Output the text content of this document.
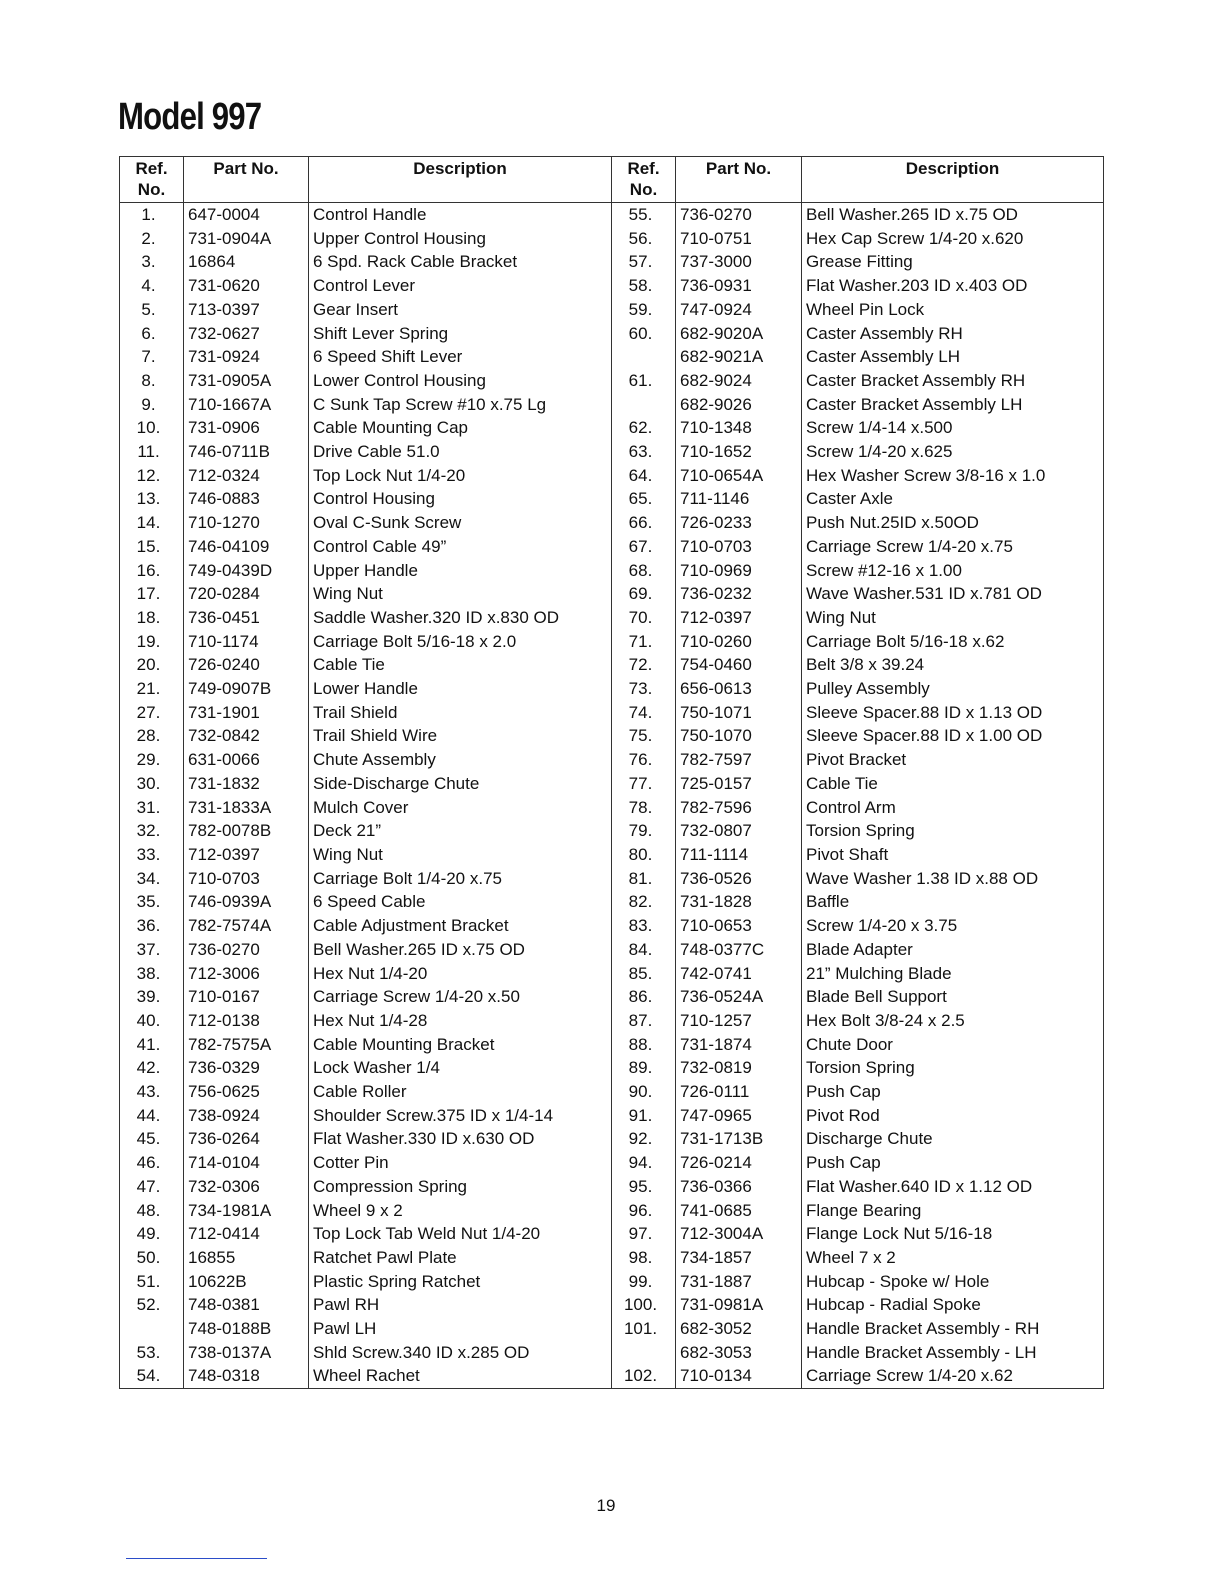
Model 997
Ref. No.	Part No.	Description
1.	647-0004	Control Handle
2.	731-0904A	Upper Control Housing
3.	16864	6 Spd. Rack Cable Bracket
4.	731-0620	Control Lever
5.	713-0397	Gear Insert
6.	732-0627	Shift Lever Spring
7.	731-0924	6 Speed Shift Lever
8.	731-0905A	Lower Control Housing
9.	710-1667A	C Sunk Tap Screw #10 x.75 Lg
10.	731-0906	Cable Mounting Cap
11.	746-0711B	Drive Cable 51.0
12.	712-0324	Top Lock Nut 1/4-20
13.	746-0883	Control Housing
14.	710-1270	Oval C-Sunk Screw
15.	746-04109	Control Cable 49”
16.	749-0439D	Upper Handle
17.	720-0284	Wing Nut
18.	736-0451	Saddle Washer.320 ID x.830 OD
19.	710-1174	Carriage Bolt 5/16-18 x 2.0
20.	726-0240	Cable Tie
21.	749-0907B	Lower Handle
27.	731-1901	Trail Shield
28.	732-0842	Trail Shield Wire
29.	631-0066	Chute Assembly
30.	731-1832	Side-Discharge Chute
31.	731-1833A	Mulch Cover
32.	782-0078B	Deck 21”
33.	712-0397	Wing Nut
34.	710-0703	Carriage Bolt 1/4-20 x.75
35.	746-0939A	6 Speed Cable
36.	782-7574A	Cable Adjustment Bracket
37.	736-0270	Bell Washer.265 ID x.75 OD
38.	712-3006	Hex Nut 1/4-20
39.	710-0167	Carriage Screw 1/4-20 x.50
40.	712-0138	Hex Nut 1/4-28
41.	782-7575A	Cable Mounting Bracket
42.	736-0329	Lock Washer 1/4
43.	756-0625	Cable Roller
44.	738-0924	Shoulder Screw.375 ID x 1/4-14
45.	736-0264	Flat Washer.330 ID x.630 OD
46.	714-0104	Cotter Pin
47.	732-0306	Compression Spring
48.	734-1981A	Wheel 9 x 2
49.	712-0414	Top Lock Tab Weld Nut 1/4-20
50.	16855	Ratchet Pawl Plate
51.	10622B	Plastic Spring Ratchet
52.	748-0381	Pawl RH
	748-0188B	Pawl LH
53.	738-0137A	Shld Screw.340 ID x.285 OD
54.	748-0318	Wheel Rachet
Ref. No.	Part No.	Description
55.	736-0270	Bell Washer.265 ID x.75 OD
56.	710-0751	Hex Cap Screw 1/4-20 x.620
57.	737-3000	Grease Fitting
58.	736-0931	Flat Washer.203 ID x.403 OD
59.	747-0924	Wheel Pin Lock
60.	682-9020A	Caster Assembly RH
	682-9021A	Caster Assembly LH
61.	682-9024	Caster Bracket Assembly RH
	682-9026	Caster Bracket Assembly LH
62.	710-1348	Screw 1/4-14 x.500
63.	710-1652	Screw 1/4-20 x.625
64.	710-0654A	Hex Washer Screw 3/8-16 x 1.0
65.	711-1146	Caster Axle
66.	726-0233	Push Nut.25ID x.50OD
67.	710-0703	Carriage Screw 1/4-20 x.75
68.	710-0969	Screw #12-16 x 1.00
69.	736-0232	Wave Washer.531 ID x.781 OD
70.	712-0397	Wing Nut
71.	710-0260	Carriage Bolt 5/16-18 x.62
72.	754-0460	Belt 3/8 x 39.24
73.	656-0613	Pulley Assembly
74.	750-1071	Sleeve Spacer.88 ID x 1.13 OD
75.	750-1070	Sleeve Spacer.88 ID x 1.00 OD
76.	782-7597	Pivot Bracket
77.	725-0157	Cable Tie
78.	782-7596	Control Arm
79.	732-0807	Torsion Spring
80.	711-1114	Pivot Shaft
81.	736-0526	Wave Washer 1.38 ID x.88 OD
82.	731-1828	Baffle
83.	710-0653	Screw 1/4-20 x 3.75
84.	748-0377C	Blade Adapter
85.	742-0741	21” Mulching Blade
86.	736-0524A	Blade Bell Support
87.	710-1257	Hex Bolt 3/8-24 x 2.5
88.	731-1874	Chute Door
89.	732-0819	Torsion Spring
90.	726-0111	Push Cap
91.	747-0965	Pivot Rod
92.	731-1713B	Discharge Chute
94.	726-0214	Push Cap
95.	736-0366	Flat Washer.640 ID x 1.12 OD
96.	741-0685	Flange Bearing
97.	712-3004A	Flange Lock Nut 5/16-18
98.	734-1857	Wheel 7 x 2
99.	731-1887	Hubcap - Spoke w/ Hole
100.	731-0981A	Hubcap - Radial Spoke
101.	682-3052	Handle Bracket Assembly - RH
	682-3053	Handle Bracket Assembly - LH
102.	710-0134	Carriage Screw 1/4-20 x.62
19
